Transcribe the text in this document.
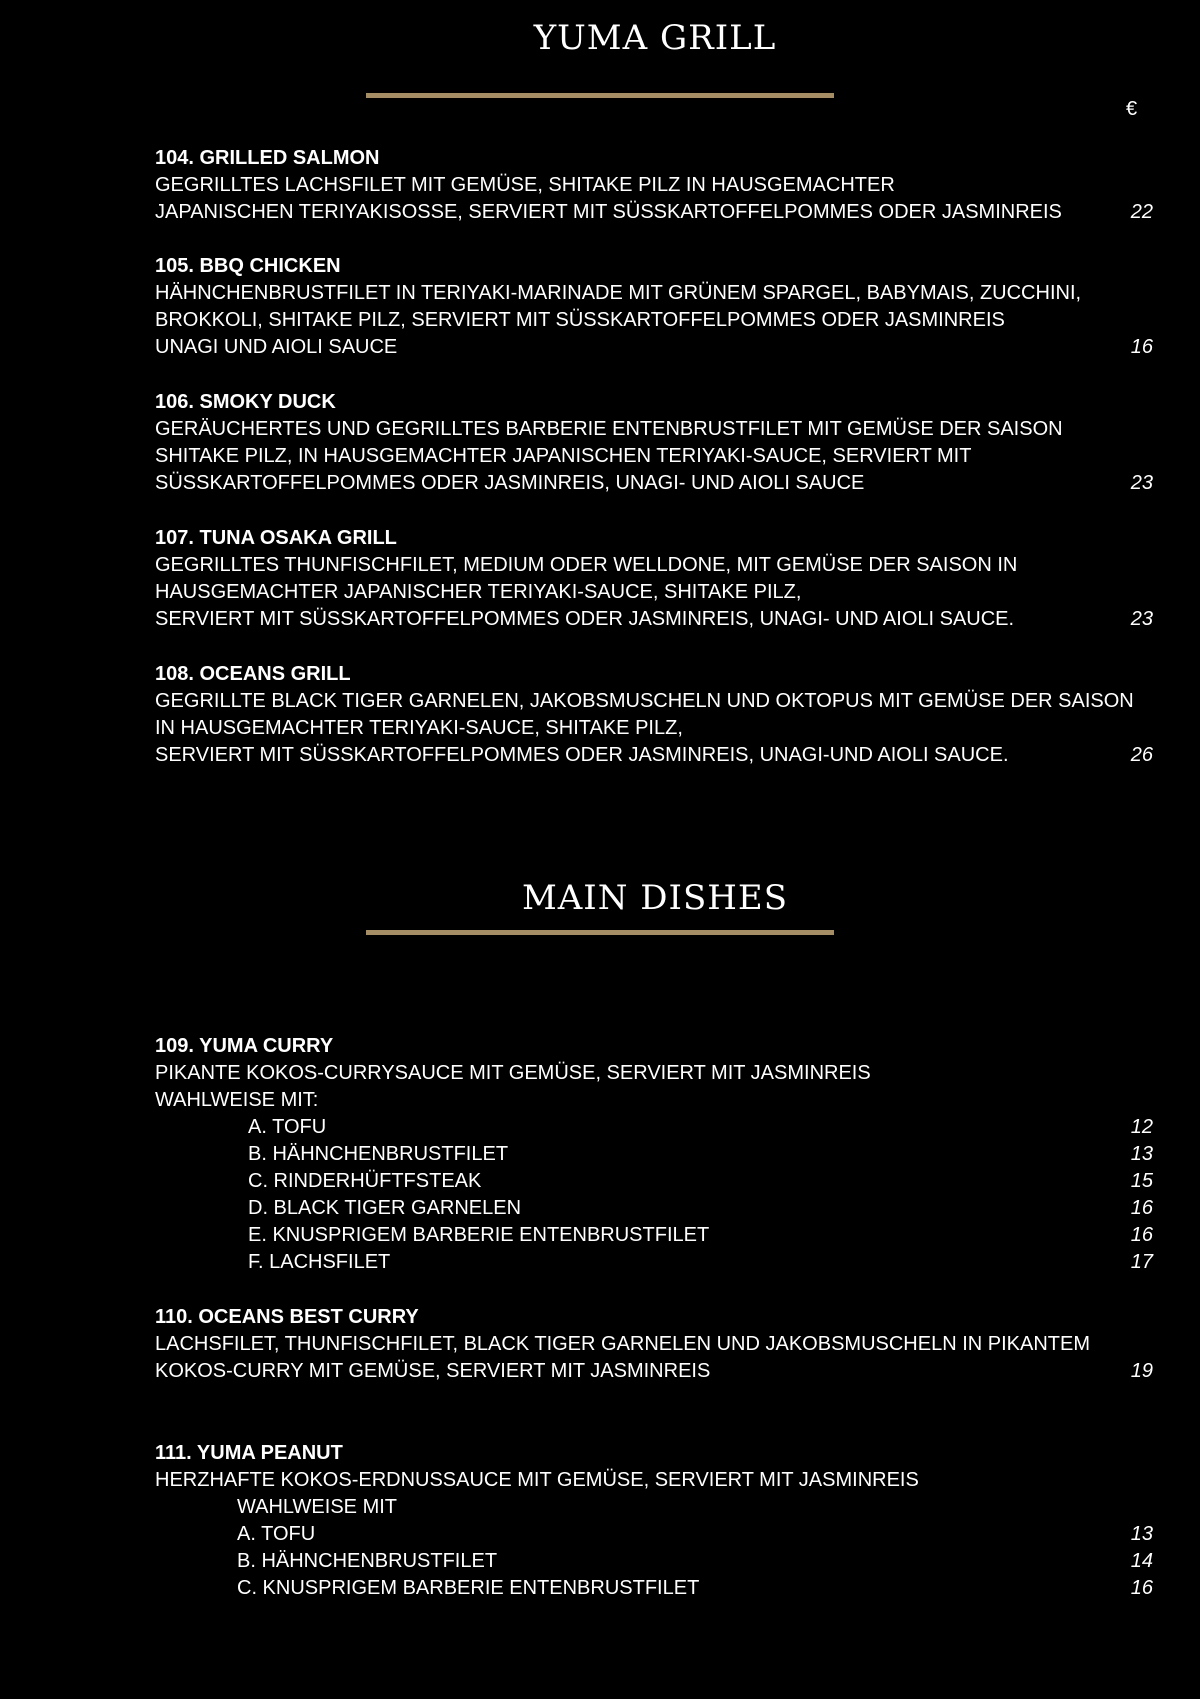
YUMA GRILL
€
104. GRILLED SALMON
GEGRILLTES LACHSFILET MIT GEMÜSE, SHITAKE PILZ IN HAUSGEMACHTER
JAPANISCHEN TERIYAKISOSSE, SERVIERT MIT SÜSSKARTOFFELPOMMES ODER JASMINREIS	22
105. BBQ CHICKEN
HÄHNCHENBRUSTFILET IN TERIYAKI-MARINADE MIT GRÜNEM SPARGEL, BABYMAIS, ZUCCHINI,
BROKKOLI, SHITAKE PILZ, SERVIERT MIT SÜSSKARTOFFELPOMMES ODER JASMINREIS
UNAGI UND AIOLI SAUCE	16
106. SMOKY DUCK
GERÄUCHERTES UND GEGRILLTES BARBERIE ENTENBRUSTFILET MIT GEMÜSE DER SAISON
SHITAKE PILZ, IN HAUSGEMACHTER JAPANISCHEN TERIYAKI-SAUCE, SERVIERT MIT
SÜSSKARTOFFELPOMMES ODER JASMINREIS, UNAGI- UND AIOLI SAUCE	23
107. TUNA OSAKA GRILL
GEGRILLTES THUNFISCHFILET, MEDIUM ODER WELLDONE, MIT GEMÜSE DER SAISON IN
HAUSGEMACHTER JAPANISCHER TERIYAKI-SAUCE, SHITAKE PILZ,
SERVIERT MIT SÜSSKARTOFFELPOMMES ODER JASMINREIS, UNAGI- UND AIOLI SAUCE.	23
108. OCEANS GRILL
GEGRILLTE BLACK TIGER GARNELEN, JAKOBSMUSCHELN UND OKTOPUS MIT GEMÜSE DER SAISON
IN HAUSGEMACHTER TERIYAKI-SAUCE, SHITAKE PILZ,
SERVIERT MIT SÜSSKARTOFFELPOMMES ODER JASMINREIS, UNAGI-UND AIOLI SAUCE.	26
MAIN DISHES
109. YUMA CURRY
PIKANTE KOKOS-CURRYSAUCE MIT GEMÜSE, SERVIERT MIT JASMINREIS
WAHLWEISE MIT:
A. TOFU	12
B. HÄHNCHENBRUSTFILET	13
C. RINDERHÜFTFSTEAK	15
D. BLACK TIGER GARNELEN	16
E. KNUSPRIGEM BARBERIE ENTENBRUSTFILET	16
F. LACHSFILET	17
110. OCEANS BEST CURRY
LACHSFILET, THUNFISCHFILET, BLACK TIGER GARNELEN UND JAKOBSMUSCHELN IN PIKANTEM
KOKOS-CURRY MIT GEMÜSE, SERVIERT MIT JASMINREIS	19
111. YUMA PEANUT
HERZHAFTE KOKOS-ERDNUSSAUCE MIT GEMÜSE, SERVIERT MIT JASMINREIS
WAHLWEISE MIT
A. TOFU	13
B. HÄHNCHENBRUSTFILET	14
C. KNUSPRIGEM BARBERIE ENTENBRUSTFILET	16
